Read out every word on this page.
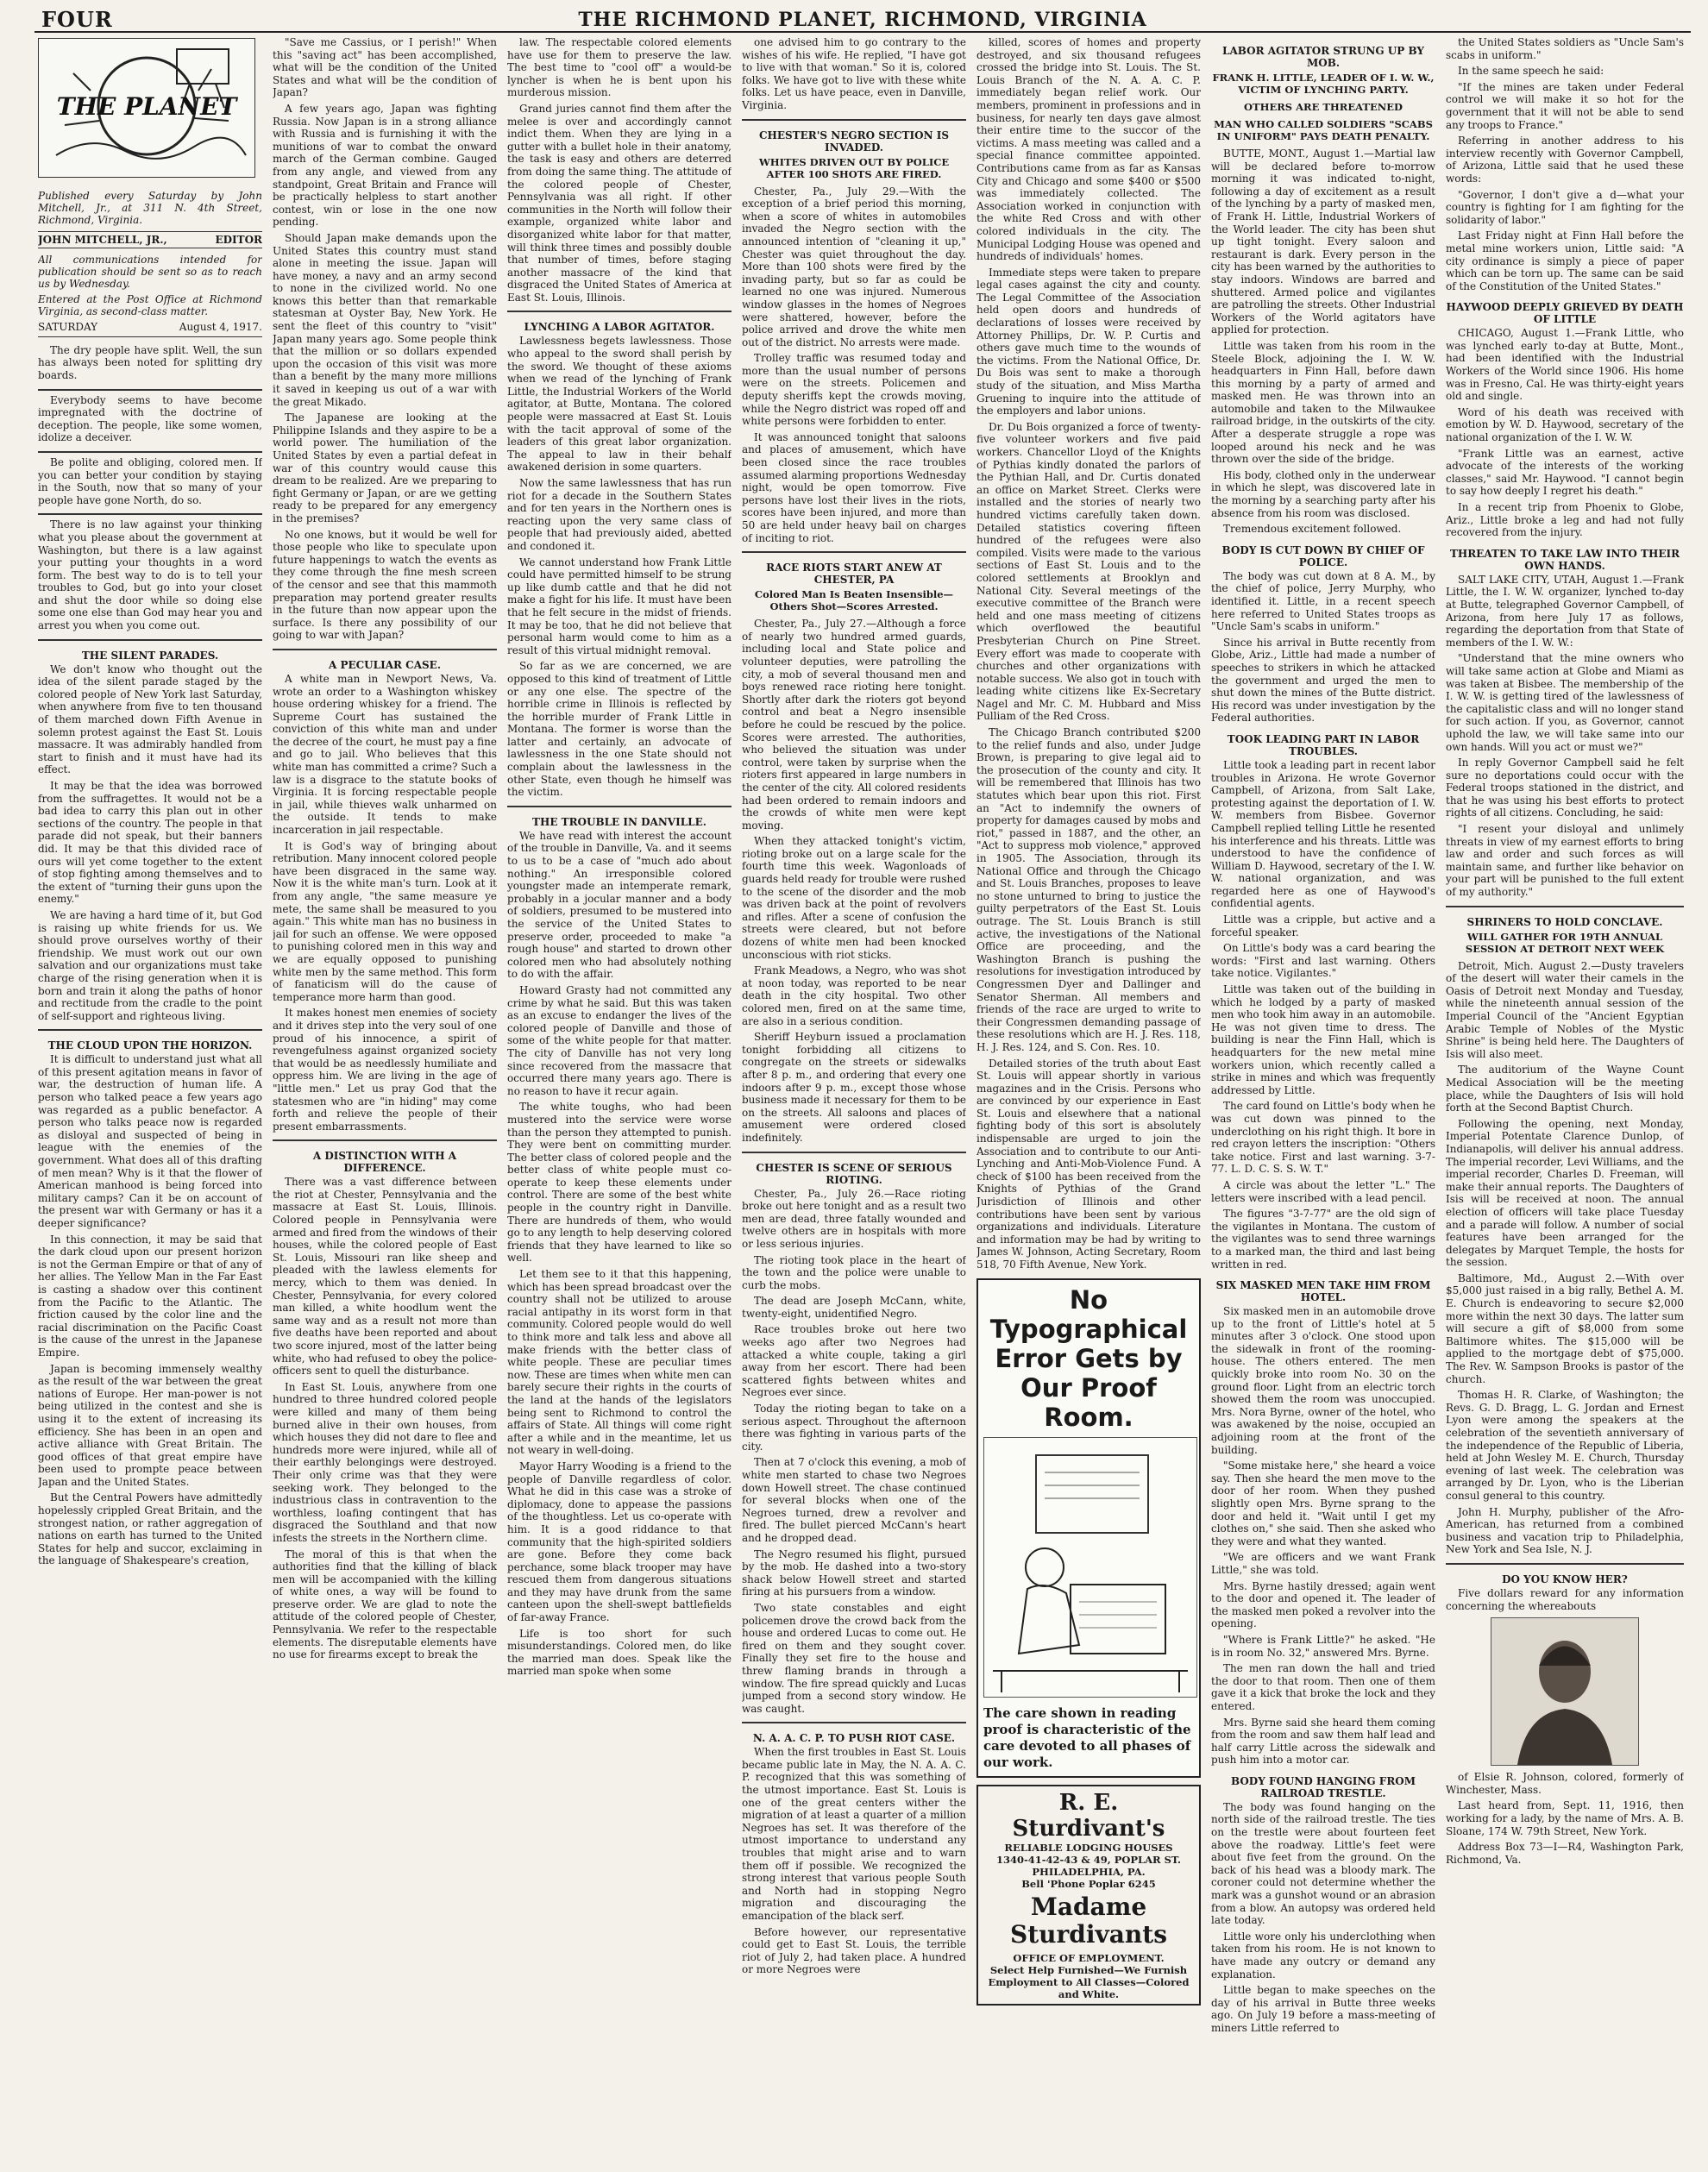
FOUR	THE RICHMOND PLANET, RICHMOND, VIRGINIA
THE PLANET
Published every Saturday by John Mitchell, Jr., at 311 N. 4th Street, Richmond, Virginia.
JOHN MITCHELL, JR.,	EDITOR
All communications intended for publication should be sent so as to reach us by Wednesday.
Entered at the Post Office at Richmond Virginia, as second-class matter.
SATURDAY	August 4, 1917.

The dry people have split. Well, the sun has always been noted for splitting dry boards.

Everybody seems to have become impregnated with the doctrine of deception. The people, like some women, idolize a deceiver.

Be polite and obliging, colored men. If you can better your condition by staying in the South, now that so many of your people have gone North, do so.

There is no law against your thinking what you please about the government at Washington, but there is a law against your putting your thoughts in a word form. The best way to do is to tell your troubles to God, but go into your closet and shut the door while so doing else some one else than God may hear you and arrest you when you come out.

THE SILENT PARADES.

We don't know who thought out the idea of the silent parade staged by the colored people of New York last Saturday, when anywhere from five to ten thousand of them marched down Fifth Avenue in solemn protest against the East St. Louis massacre. It was admirably handled from start to finish and it must have had its effect.

It may be that the idea was borrowed from the suffragettes. It would not be a bad idea to carry this plan out in other sections of the country. The people in that parade did not speak, but their banners did. It may be that this divided race of ours will yet come together to the extent of stop fighting among themselves and to the extent of "turning their guns upon the enemy."

We are having a hard time of it, but God is raising up white friends for us. We should prove ourselves worthy of their friendship. We must work out our own salvation and our organizations must take charge of the rising generation when it is born and train it along the paths of honor and rectitude from the cradle to the point of self-support and righteous living.

THE CLOUD UPON THE HORIZON.

It is difficult to understand just what all of this present agitation means in favor of war, the destruction of human life. A person who talked peace a few years ago was regarded as a public benefactor. A person who talks peace now is regarded as disloyal and suspected of being in league with the enemies of the government. What does all of this drafting of men mean? Why is it that the flower of American manhood is being forced into military camps? Can it be on account of the present war with Germany or has it a deeper significance?

In this connection, it may be said that the dark cloud upon our present horizon is not the German Empire or that of any of her allies. The Yellow Man in the Far East is casting a shadow over this continent from the Pacific to the Atlantic. The friction caused by the color line and the racial discrimination on the Pacific Coast is the cause of the unrest in the Japanese Empire.

Japan is becoming immensely wealthy as the result of the war between the great nations of Europe. Her man-power is not being utilized in the contest and she is using it to the extent of increasing its efficiency. She has been in an open and active alliance with Great Britain. The good offices of that great empire have been used to prompte peace between Japan and the United States.

But the Central Powers have admittedly hopelessly crippled Great Britain, and the strongest nation, or rather aggregation of nations on earth has turned to the United States for help and succor, exclaiming in the language of Shakespeare's creation,

"Save me Cassius, or I perish!" When this "saving act" has been accomplished, what will be the condition of the United States and what will be the condition of Japan?

A few years ago, Japan was fighting Russia. Now Japan is in a strong alliance with Russia and is furnishing it with the munitions of war to combat the onward march of the German combine. Gauged from any angle, and viewed from any standpoint, Great Britain and France will be practically helpless to start another contest, win or lose in the one now pending.

Should Japan make demands upon the United States this country must stand alone in meeting the issue. Japan will have money, a navy and an army second to none in the civilized world. No one knows this better than that remarkable statesman at Oyster Bay, New York. He sent the fleet of this country to "visit" Japan many years ago. Some people think that the million or so dollars expended upon the occasion of this visit was more than a benefit by the many more millions it saved in keeping us out of a war with the great Mikado.

The Japanese are looking at the Philippine Islands and they aspire to be a world power. The humiliation of the United States by even a partial defeat in war of this country would cause this dream to be realized. Are we preparing to fight Germany or Japan, or are we getting ready to be prepared for any emergency in the premises?

No one knows, but it would be well for those people who like to speculate upon future happenings to watch the events as they come through the fine mesh screen of the censor and see that this mammoth preparation may portend greater results in the future than now appear upon the surface. Is there any possibility of our going to war with Japan?

A PECULIAR CASE.

A white man in Newport News, Va. wrote an order to a Washington whiskey house ordering whiskey for a friend. The Supreme Court has sustained the conviction of this white man and under the decree of the court, he must pay a fine and go to jail. Who believes that this white man has committed a crime? Such a law is a disgrace to the statute books of Virginia. It is forcing respectable people in jail, while thieves walk unharmed on the outside. It tends to make incarceration in jail respectable.

It is God's way of bringing about retribution. Many innocent colored people have been disgraced in the same way. Now it is the white man's turn. Look at it from any angle, "the same measure ye mete, the same shall be measured to you again." This white man has no business in jail for such an offense. We were opposed to punishing colored men in this way and we are equally opposed to punishing white men by the same method. This form of fanaticism will do the cause of temperance more harm than good.

It makes honest men enemies of society and it drives step into the very soul of one proud of his innocence, a spirit of revengefulness against organized society that would be as needlessly humiliate and oppress him. We are living in the age of "little men." Let us pray God that the statesmen who are "in hiding" may come forth and relieve the people of their present embarrassments.

A DISTINCTION WITH A DIFFERENCE.

There was a vast difference between the riot at Chester, Pennsylvania and the massacre at East St. Louis, Illinois. Colored people in Pennsylvania were armed and fired from the windows of their houses, while the colored people of East St. Louis, Missouri ran like sheep and pleaded with the lawless elements for mercy, which to them was denied. In Chester, Pennsylvania, for every colored man killed, a white hoodlum went the same way and as a result not more than five deaths have been reported and about two score injured, most of the latter being white, who had refused to obey the police-officers sent to quell the disturbance.

In East St. Louis, anywhere from one hundred to three hundred colored people were killed and many of them being burned alive in their own houses, from which houses they did not dare to flee and hundreds more were injured, while all of their earthly belongings were destroyed. Their only crime was that they were seeking work. They belonged to the industrious class in contravention to the worthless, loafing contingent that has disgraced the Southland and that now infests the streets in the Northern clime.

The moral of this is that when the authorities find that the killing of black men will be accompanied with the killing of white ones, a way will be found to preserve order. We are glad to note the attitude of the colored people of Chester, Pennsylvania. We refer to the respectable elements. The disreputable elements have no use for firearms except to break the

law. The respectable colored elements have use for them to preserve the law. The best time to "cool off" a would-be lyncher is when he is bent upon his murderous mission.

Grand juries cannot find them after the melee is over and accordingly cannot indict them. When they are lying in a gutter with a bullet hole in their anatomy, the task is easy and others are deterred from doing the same thing. The attitude of the colored people of Chester, Pennsylvania was all right. If other communities in the North will follow their example, organized white labor and disorganized white labor for that matter, will think three times and possibly double that number of times, before staging another massacre of the kind that disgraced the United States of America at East St. Louis, Illinois.

LYNCHING A LABOR AGITATOR.

Lawlessness begets lawlessness. Those who appeal to the sword shall perish by the sword. We thought of these axioms when we read of the lynching of Frank Little, the Industrial Workers of the World agitator, at Butte, Montana. The colored people were massacred at East St. Louis with the tacit approval of some of the leaders of this great labor organization. The appeal to law in their behalf awakened derision in some quarters.

Now the same lawlessness that has run riot for a decade in the Southern States and for ten years in the Northern ones is reacting upon the very same class of people that had previously aided, abetted and condoned it.

We cannot understand how Frank Little could have permitted himself to be strung up like dumb cattle and that he did not make a fight for his life. It must have been that he felt secure in the midst of friends. It may be too, that he did not believe that personal harm would come to him as a result of this virtual midnight removal.

So far as we are concerned, we are opposed to this kind of treatment of Little or any one else. The spectre of the horrible crime in Illinois is reflected by the horrible murder of Frank Little in Montana. The former is worse than the latter and certainly, an advocate of lawlessness in the one State should not complain about the lawlessness in the other State, even though he himself was the victim.

THE TROUBLE IN DANVILLE.

We have read with interest the account of the trouble in Danville, Va. and it seems to us to be a case of "much ado about nothing." An irresponsible colored youngster made an intemperate remark, probably in a jocular manner and a body of soldiers, presumed to be mustered into the service of the United States to preserve order, proceeded to make "a rough house" and started to drown other colored men who had absolutely nothing to do with the affair.

Howard Grasty had not committed any crime by what he said. But this was taken as an excuse to endanger the lives of the colored people of Danville and those of some of the white people for that matter. The city of Danville has not very long since recovered from the massacre that occurred there many years ago. There is no reason to have it recur again.

The white toughs, who had been mustered into the service were worse than the person they attempted to punish. They were bent on committing murder. The better class of colored people and the better class of white people must co-operate to keep these elements under control. There are some of the best white people in the country right in Danville. There are hundreds of them, who would go to any length to help deserving colored friends that they have learned to like so well.

Let them see to it that this happening, which has been spread broadcast over the country shall not be utilized to arouse racial antipathy in its worst form in that community. Colored people would do well to think more and talk less and above all make friends with the better class of white people. These are peculiar times now. These are times when white men can barely secure their rights in the courts of the land at the hands of the legislators being sent to Richmond to control the affairs of State. All things will come right after a while and in the meantime, let us not weary in well-doing.

Mayor Harry Wooding is a friend to the people of Danville regardless of color. What he did in this case was a stroke of diplomacy, done to appease the passions of the thoughtless. Let us co-operate with him. It is a good riddance to that community that the high-spirited soldiers are gone. Before they come back perchance, some black trooper may have rescued them from dangerous situations and they may have drunk from the same canteen upon the shell-swept battlefields of far-away France.

Life is too short for such misunderstandings. Colored men, do like the married man does. Speak like the married man spoke when some

one advised him to go contrary to the wishes of his wife. He replied, "I have got to live with that woman." So it is, colored folks. We have got to live with these white folks. Let us have peace, even in Danville, Virginia.

CHESTER'S NEGRO SECTION IS INVADED.
WHITES DRIVEN OUT BY POLICE AFTER 100 SHOTS ARE FIRED.

Chester, Pa., July 29.—With the exception of a brief period this morning, when a score of whites in automobiles invaded the Negro section with the announced intention of "cleaning it up," Chester was quiet throughout the day. More than 100 shots were fired by the invading party, but so far as could be learned no one was injured. Numerous window glasses in the homes of Negroes were shattered, however, before the police arrived and drove the white men out of the district. No arrests were made.

Trolley traffic was resumed today and more than the usual number of persons were on the streets. Policemen and deputy sheriffs kept the crowds moving, while the Negro district was roped off and white persons were forbidden to enter.

It was announced tonight that saloons and places of amusement, which have been closed since the race troubles assumed alarming proportions Wednesday night, would be open tomorrow. Five persons have lost their lives in the riots, scores have been injured, and more than 50 are held under heavy bail on charges of inciting to riot.

RACE RIOTS START ANEW AT CHESTER, PA
Colored Man Is Beaten Insensible—Others Shot—Scores Arrested.

Chester, Pa., July 27.—Although a force of nearly two hundred armed guards, including local and State police and volunteer deputies, were patrolling the city, a mob of several thousand men and boys renewed race rioting here tonight. Shortly after dark the rioters got beyond control and beat a Negro insensible before he could be rescued by the police. Scores were arrested. The authorities, who believed the situation was under control, were taken by surprise when the rioters first appeared in large numbers in the center of the city. All colored residents had been ordered to remain indoors and the crowds of white men were kept moving.

When they attacked tonight's victim, rioting broke out on a large scale for the fourth time this week. Wagonloads of guards held ready for trouble were rushed to the scene of the disorder and the mob was driven back at the point of revolvers and rifles. After a scene of confusion the streets were cleared, but not before dozens of white men had been knocked unconscious with riot sticks.

Frank Meadows, a Negro, who was shot at noon today, was reported to be near death in the city hospital. Two other colored men, fired on at the same time, are also in a serious condition.

Sheriff Heyburn issued a proclamation tonight forbidding all citizens to congregate on the streets or sidewalks after 8 p. m., and ordering that every one indoors after 9 p. m., except those whose business made it necessary for them to be on the streets. All saloons and places of amusement were ordered closed indefinitely.

CHESTER IS SCENE OF SERIOUS RIOTING.

Chester, Pa., July 26.—Race rioting broke out here tonight and as a result two men are dead, three fatally wounded and twelve others are in hospitals with more or less serious injuries.

The rioting took place in the heart of the town and the police were unable to curb the mobs.

The dead are Joseph McCann, white, twenty-eight, unidentified Negro.

Race troubles broke out here two weeks ago after two Negroes had attacked a white couple, taking a girl away from her escort. There had been scattered fights between whites and Negroes ever since.

Today the rioting began to take on a serious aspect. Throughout the afternoon there was fighting in various parts of the city.

Then at 7 o'clock this evening, a mob of white men started to chase two Negroes down Howell street. The chase continued for several blocks when one of the Negroes turned, drew a revolver and fired. The bullet pierced McCann's heart and he dropped dead.

The Negro resumed his flight, pursued by the mob. He dashed into a two-story shack below Howell street and started firing at his pursuers from a window.

Two state constables and eight policemen drove the crowd back from the house and ordered Lucas to come out. He fired on them and they sought cover. Finally they set fire to the house and threw flaming brands in through a window. The fire spread quickly and Lucas jumped from a second story window. He was caught.

N. A. A. C. P. TO PUSH RIOT CASE.

When the first troubles in East St. Louis became public late in May, the N. A. A. C. P. recognized that this was something of the utmost importance. East St. Louis is one of the great centers wither the migration of at least a quarter of a million Negroes has set. It was therefore of the utmost importance to understand any troubles that might arise and to warn them off if possible. We recognized the strong interest that various people South and North had in stopping Negro migration and discouraging the emancipation of the black serf.

Before however, our representative could get to East St. Louis, the terrible riot of July 2, had taken place. A hundred or more Negroes were

killed, scores of homes and property destroyed, and six thousand refugees crossed the bridge into St. Louis. The St. Louis Branch of the N. A. A. C. P. immediately began relief work. Our members, prominent in professions and in business, for nearly ten days gave almost their entire time to the succor of the victims. A mass meeting was called and a special finance committee appointed. Contributions came from as far as Kansas City and Chicago and some $400 or $500 was immediately collected. The Association worked in conjunction with the white Red Cross and with other colored individuals in the city. The Municipal Lodging House was opened and hundreds of individuals' homes.

Immediate steps were taken to prepare legal cases against the city and county. The Legal Committee of the Association held open doors and hundreds of declarations of losses were received by Attorney Phillips, Dr. W. P. Curtis and others gave much time to the wounds of the victims. From the National Office, Dr. Du Bois was sent to make a thorough study of the situation, and Miss Martha Gruening to inquire into the attitude of the employers and labor unions.

Dr. Du Bois organized a force of twenty-five volunteer workers and five paid workers. Chancellor Lloyd of the Knights of Pythias kindly donated the parlors of the Pythian Hall, and Dr. Curtis donated an office on Market Street. Clerks were installed and the stories of nearly two hundred victims carefully taken down. Detailed statistics covering fifteen hundred of the refugees were also compiled. Visits were made to the various sections of East St. Louis and to the colored settlements at Brooklyn and National City. Several meetings of the executive committee of the Branch were held and one mass meeting of citizens which overflowed the beautiful Presbyterian Church on Pine Street. Every effort was made to cooperate with churches and other organizations with notable success. We also got in touch with leading white citizens like Ex-Secretary Nagel and Mr. C. M. Hubbard and Miss Pulliam of the Red Cross.

The Chicago Branch contributed $200 to the relief funds and also, under Judge Brown, is preparing to give legal aid to the prosecution of the county and city. It will be remembered that Illinois has two statutes which bear upon this riot. First an "Act to indemnify the owners of property for damages caused by mobs and riot," passed in 1887, and the other, an "Act to suppress mob violence," approved in 1905. The Association, through its National Office and through the Chicago and St. Louis Branches, proposes to leave no stone unturned to bring to justice the guilty perpetrators of the East St. Louis outrage. The St. Louis Branch is still active, the investigations of the National Office are proceeding, and the Washington Branch is pushing the resolutions for investigation introduced by Congressmen Dyer and Dallinger and Senator Sherman. All members and friends of the race are urged to write to their Congressmen demanding passage of these resolutions which are H. J. Res. 118, H. J. Res. 124, and S. Con. Res. 10.

Detailed stories of the truth about East St. Louis will appear shortly in various magazines and in the Crisis. Persons who are convinced by our experience in East St. Louis and elsewhere that a national fighting body of this sort is absolutely indispensable are urged to join the Association and to contribute to our Anti-Lynching and Anti-Mob-Violence Fund. A check of $100 has been received from the Knights of Pythias of the Grand Jurisdiction of Illinois and other contributions have been sent by various organizations and individuals. Literature and information may be had by writing to James W. Johnson, Acting Secretary, Room 518, 70 Fifth Avenue, New York.

No Typographical Error Gets by Our Proof Room.
The care shown in reading proof is characteristic of the care devoted to all phases of our work.
R. E. Sturdivant's
RELIABLE LODGING HOUSES
1340-41-42-43 & 49, POPLAR ST.
PHILADELPHIA, PA.
Bell 'Phone Poplar 6245
Madame Sturdivants
OFFICE OF EMPLOYMENT.
Select Help Furnished—We Furnish Employment to All Classes—Colored and White.
LABOR AGITATOR STRUNG UP BY MOB.
FRANK H. LITTLE, LEADER OF I. W. W., VICTIM OF LYNCHING PARTY.
OTHERS ARE THREATENED
MAN WHO CALLED SOLDIERS "SCABS IN UNIFORM" PAYS DEATH PENALTY.

BUTTE, MONT., August 1.—Martial law will be declared before to-morrow morning it was indicated to-night, following a day of excitement as a result of the lynching by a party of masked men, of Frank H. Little, Industrial Workers of the World leader. The city has been shut up tight tonight. Every saloon and restaurant is dark. Every person in the city has been warned by the authorities to stay indoors. Windows are barred and shuttered. Armed police and vigilantes are patrolling the streets. Other Industrial Workers of the World agitators have applied for protection.

Little was taken from his room in the Steele Block, adjoining the I. W. W. headquarters in Finn Hall, before dawn this morning by a party of armed and masked men. He was thrown into an automobile and taken to the Milwaukee railroad bridge, in the outskirts of the city. After a desperate struggle a rope was looped around his neck and he was thrown over the side of the bridge.

His body, clothed only in the underwear in which he slept, was discovered late in the morning by a searching party after his absence from his room was disclosed.

Tremendous excitement followed.

BODY IS CUT DOWN BY CHIEF OF POLICE.

The body was cut down at 8 A. M., by the chief of police, Jerry Murphy, who identified it. Little, in a recent speech here referred to United States troops as "Uncle Sam's scabs in uniform."

Since his arrival in Butte recently from Globe, Ariz., Little had made a number of speeches to strikers in which he attacked the government and urged the men to shut down the mines of the Butte district. His record was under investigation by the Federal authorities.

TOOK LEADING PART IN LABOR TROUBLES.

Little took a leading part in recent labor troubles in Arizona. He wrote Governor Campbell, of Arizona, from Salt Lake, protesting against the deportation of I. W. W. members from Bisbee. Governor Campbell replied telling Little he resented his interference and his threats. Little was understood to have the confidence of William D. Haywood, secretary of the I. W. W. national organization, and was regarded here as one of Haywood's confidential agents.

Little was a cripple, but active and a forceful speaker.

On Little's body was a card bearing the words: "First and last warning. Others take notice. Vigilantes."

Little was taken out of the building in which he lodged by a party of masked men who took him away in an automobile. He was not given time to dress. The building is near the Finn Hall, which is headquarters for the new metal mine workers union, which recently called a strike in mines and which was frequently addressed by Little.

The card found on Little's body when he was cut down was pinned to the underclothing on his right thigh. It bore in red crayon letters the inscription: "Others take notice. First and last warning. 3-7-77. L. D. C. S. S. W. T."

A circle was about the letter "L." The letters were inscribed with a lead pencil.

The figures "3-7-77" are the old sign of the vigilantes in Montana. The custom of the vigilantes was to send three warnings to a marked man, the third and last being written in red.

SIX MASKED MEN TAKE HIM FROM HOTEL.

Six masked men in an automobile drove up to the front of Little's hotel at 5 minutes after 3 o'clock. One stood upon the sidewalk in front of the rooming-house. The others entered. The men quickly broke into room No. 30 on the ground floor. Light from an electric torch showed them the room was unoccupied. Mrs. Nora Byrne, owner of the hotel, who was awakened by the noise, occupied an adjoining room at the front of the building.

"Some mistake here," she heard a voice say. Then she heard the men move to the door of her room. When they pushed slightly open Mrs. Byrne sprang to the door and held it. "Wait until I get my clothes on," she said. Then she asked who they were and what they wanted.

"We are officers and we want Frank Little," she was told.

Mrs. Byrne hastily dressed; again went to the door and opened it. The leader of the masked men poked a revolver into the opening.

"Where is Frank Little?" he asked. "He is in room No. 32," answered Mrs. Byrne.

The men ran down the hall and tried the door to that room. Then one of them gave it a kick that broke the lock and they entered.

Mrs. Byrne said she heard them coming from the room and saw them half lead and half carry Little across the sidewalk and push him into a motor car.

BODY FOUND HANGING FROM RAILROAD TRESTLE.

The body was found hanging on the north side of the railroad trestle. The ties on the trestle were about fourteen feet above the roadway. Little's feet were about five feet from the ground. On the back of his head was a bloody mark. The coroner could not determine whether the mark was a gunshot wound or an abrasion from a blow. An autopsy was ordered held late today.

Little wore only his underclothing when taken from his room. He is not known to have made any outcry or demand any explanation.

Little began to make speeches on the day of his arrival in Butte three weeks ago. On July 19 before a mass-meeting of miners Little referred to

the United States soldiers as "Uncle Sam's scabs in uniform."

In the same speech he said:

"If the mines are taken under Federal control we will make it so hot for the government that it will not be able to send any troops to France."

Referring in another address to his interview recently with Governor Campbell, of Arizona, Little said that he used these words:

"Governor, I don't give a d—what your country is fighting for I am fighting for the solidarity of labor."

Last Friday night at Finn Hall before the metal mine workers union, Little said: "A city ordinance is simply a piece of paper which can be torn up. The same can be said of the Constitution of the United States."

HAYWOOD DEEPLY GRIEVED BY DEATH OF LITTLE

CHICAGO, August 1.—Frank Little, who was lynched early to-day at Butte, Mont., had been identified with the Industrial Workers of the World since 1906. His home was in Fresno, Cal. He was thirty-eight years old and single.

Word of his death was received with emotion by W. D. Haywood, secretary of the national organization of the I. W. W.

"Frank Little was an earnest, active advocate of the interests of the working classes," said Mr. Haywood. "I cannot begin to say how deeply I regret his death."

In a recent trip from Phoenix to Globe, Ariz., Little broke a leg and had not fully recovered from the injury.

THREATEN TO TAKE LAW INTO THEIR OWN HANDS.

SALT LAKE CITY, UTAH, August 1.—Frank Little, the I. W. W. organizer, lynched to-day at Butte, telegraphed Governor Campbell, of Arizona, from here July 17 as follows, regarding the deportation from that State of members of the I. W. W.:

"Understand that the mine owners who will take same action at Globe and Miami as was taken at Bisbee. The membership of the I. W. W. is getting tired of the lawlessness of the capitalistic class and will no longer stand for such action. If you, as Governor, cannot uphold the law, we will take same into our own hands. Will you act or must we?"

In reply Governor Campbell said he felt sure no deportations could occur with the Federal troops stationed in the district, and that he was using his best efforts to protect rights of all citizens. Concluding, he said:

"I resent your disloyal and unlimely threats in view of my earnest efforts to bring law and order and such forces as will maintain same, and further like behavior on your part will be punished to the full extent of my authority."

SHRINERS TO HOLD CONCLAVE.
WILL GATHER FOR 19TH ANNUAL SESSION AT DETROIT NEXT WEEK

Detroit, Mich. August 2.—Dusty travelers of the desert will water their camels in the Oasis of Detroit next Monday and Tuesday, while the nineteenth annual session of the Imperial Council of the "Ancient Egyptian Arabic Temple of Nobles of the Mystic Shrine" is being held here. The Daughters of Isis will also meet.

The auditorium of the Wayne Count Medical Association will be the meeting place, while the Daughters of Isis will hold forth at the Second Baptist Church.

Following the opening, next Monday, Imperial Potentate Clarence Dunlop, of Indianapolis, will deliver his annual address. The imperial recorder, Levi Williams, and the imperial recorder, Charles D. Freeman, will make their annual reports. The Daughters of Isis will be received at noon. The annual election of officers will take place Tuesday and a parade will follow. A number of social features have been arranged for the delegates by Marquet Temple, the hosts for the session.

Baltimore, Md., August 2.—With over $5,000 just raised in a big rally, Bethel A. M. E. Church is endeavoring to secure $2,000 more within the next 30 days. The latter sum will secure a gift of $8,000 from some Baltimore whites. The $15,000 will be applied to the mortgage debt of $75,000. The Rev. W. Sampson Brooks is pastor of the church.

Thomas H. R. Clarke, of Washington; the Revs. G. D. Bragg, L. G. Jordan and Ernest Lyon were among the speakers at the celebration of the seventieth anniversary of the independence of the Republic of Liberia, held at John Wesley M. E. Church, Thursday evening of last week. The celebration was arranged by Dr. Lyon, who is the Liberian consul general to this country.

John H. Murphy, publisher of the Afro-American, has returned from a combined business and vacation trip to Philadelphia, New York and Sea Isle, N. J.

DO YOU KNOW HER?

Five dollars reward for any information concerning the whereabouts

of Elsie R. Johnson, colored, formerly of Winchester, Mass.

Last heard from, Sept. 11, 1916, then working for a lady, by the name of Mrs. A. B. Sloane, 174 W. 79th Street, New York.

Address Box 73—I—R4, Washington Park, Richmond, Va.
